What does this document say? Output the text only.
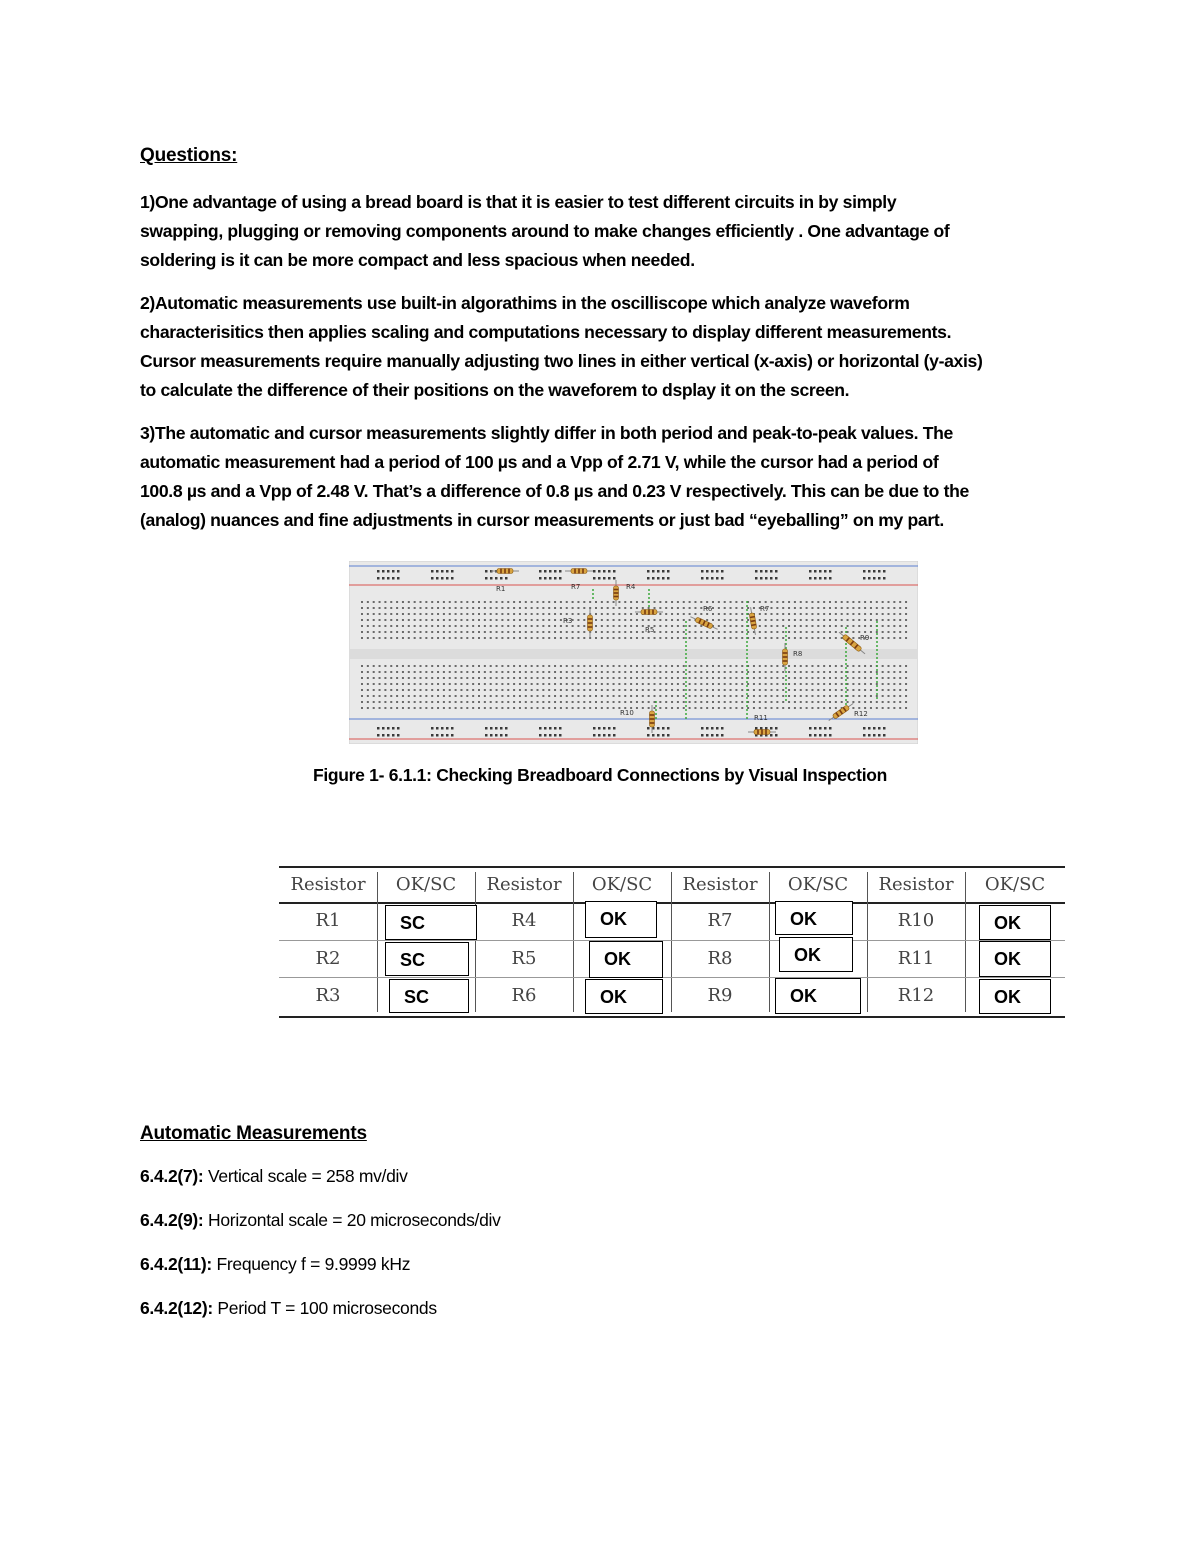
Questions:
1)One advantage of using a bread board is that it is easier to test different circuits in by simply
swapping, plugging or removing components around to make changes efficiently . One advantage of
soldering is it can be more compact and less spacious when needed.
2)Automatic measurements use built-in algorathims in the oscilliscope which analyze waveform
characterisitics then applies scaling and computations necessary to display different measurements.
Cursor measurements require manually adjusting two lines in either vertical (x-axis) or horizontal (y-axis)
to calculate the difference of their positions on the waveforem to dsplay it on the screen.
3)The automatic and cursor measurements slightly differ in both period and peak-to-peak values. The
automatic measurement had a period of 100 µs and a Vpp of 2.71 V, while the cursor had a period of
100.8 µs and a Vpp of 2.48 V. That’s a difference of 0.8 µs and 0.23 V respectively. This can be due to the
(analog) nuances and fine adjustments in cursor measurements or just bad “eyeballing” on my part.
R1	R7	R4
R3
R5
R6	R7
R8
R9
R10
R11	R12
Figure 1- 6.1.1: Checking Breadboard Connections by Visual Inspection
Resistor	OK/SC	Resistor	OK/SC	Resistor	OK/SC	Resistor	OK/SC
R1	SC	R4	OK	R7	OK	R10	OK
R2	SC	R5	OK	R8	OK	R11	OK
R3	SC	R6	OK	R9	OK	R12	OK
Automatic Measurements
6.4.2(7): Vertical scale = 258 mv/div
6.4.2(9): Horizontal scale = 20 microseconds/div
6.4.2(11): Frequency f = 9.9999 kHz
6.4.2(12): Period T = 100 microseconds
